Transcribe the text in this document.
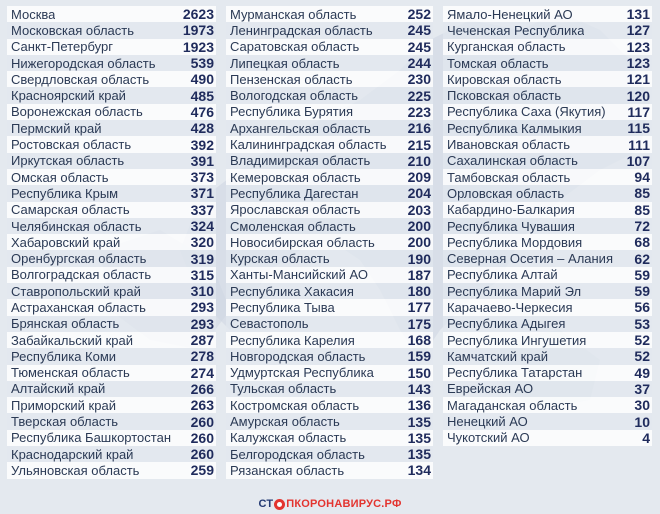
Москва	2623
Московская область	1973
Санкт-Петербург	1923
Нижегородская область	539
Свердловская область	490
Красноярский край	485
Воронежская область	476
Пермский край	428
Ростовская область	392
Иркутская область	391
Омская область	373
Республика Крым	371
Самарская область	337
Челябинская область	324
Хабаровский край	320
Оренбургская область	319
Волгоградская область	315
Ставропольский край	310
Астраханская область	293
Брянская область	293
Забайкальский край	287
Республика Коми	278
Тюменская область	274
Алтайский край	266
Приморский край	263
Тверская область	260
Республика Башкортостан 260
Краснодарский край	260
Ульяновская область	259
Мурманская область	252
Ленинградская область 245
Саратовская область	245
Липецкая область	244
Пензенская область	230
Вологодская область	225
Республика Бурятия	223
Архангельская область	216
Калининградская область 215
Владимирская область	210
Кемеровская область	209
Республика Дагестан	204
Ярославская область	203
Смоленская область	200
Новосибирская область 200
Курская область	190
Ханты-Мансийский АО	187
Республика Хакасия	180
Республика Тыва	177
Севастополь	175
Республика Карелия	168
Новгородская область	159
Удмуртская Республика 150
Тульская область	143
Костромская область	136
Амурская область	135
Калужская область	135
Белгородская область	135
Рязанская область	134
Ямало-Ненецкий АО	131
Чеченская Республика	127
Курганская область	123
Томская область	123
Кировская область	121
Псковская область	120
Республика Саха (Якутия) 117
Республика Калмыкия	115
Ивановская область	111
Сахалинская область	107
Тамбовская область	94
Орловская область	85
Кабардино-Балкария	85
Республика Чувашия	72
Республика Мордовия	68
Северная Осетия – Алания 62
Республика Алтай	59
Республика Марий Эл	59
Карачаево-Черкесия	56
Республика Адыгея	53
Республика Ингушетия	52
Камчатский край	52
Республика Татарстан	49
Еврейская АО	37
Магаданская область	30
Ненецкий АО	10
Чукотский АО	4
СТ ПКОРОНАВИРУС.РФ
